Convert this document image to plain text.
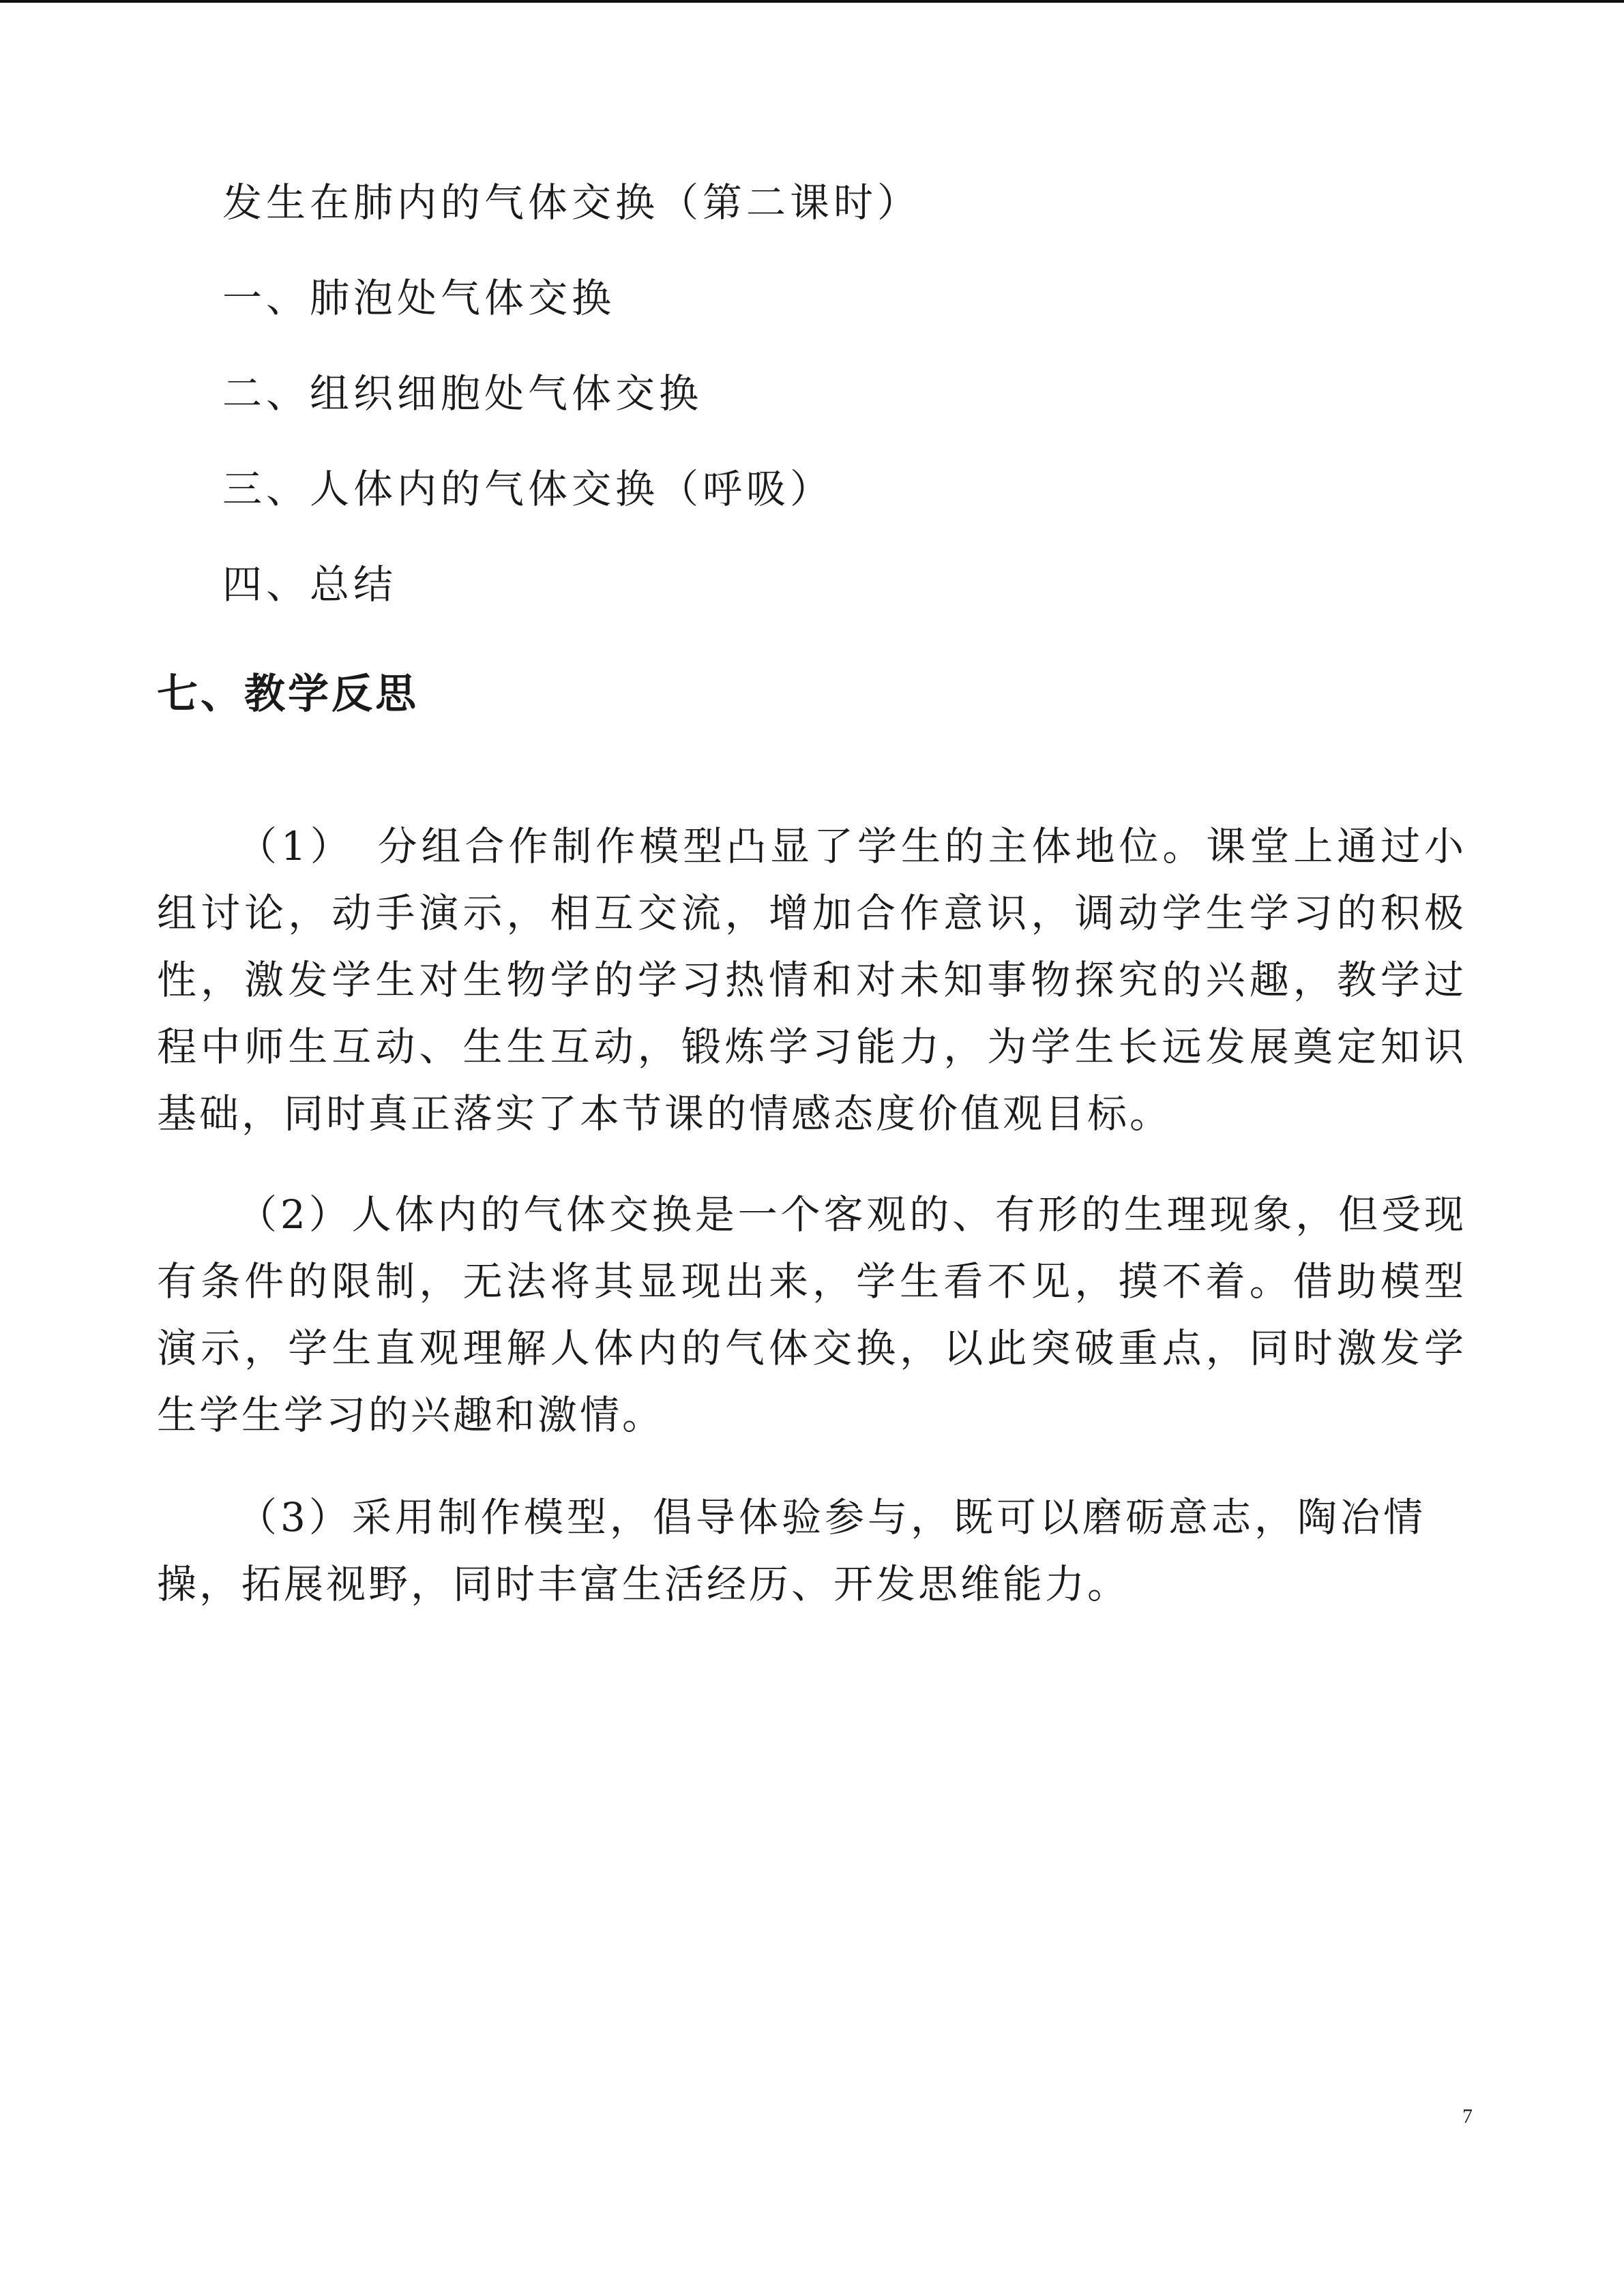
发生在肺内的气体交换（第二课时）
一、肺泡处气体交换
二、组织细胞处气体交换
三、人体内的气体交换（呼吸）
四、总结
七、教学反思

（1）　分组合作制作模型凸显了学生的主体地位。课堂上通过小组讨论，动手演示，相互交流，增加合作意识，调动学生学习的积极性，激发学生对生物学的学习热情和对未知事物探究的兴趣，教学过程中师生互动、生生互动，锻炼学习能力，为学生长远发展奠定知识基础，同时真正落实了本节课的情感态度价值观目标。

（2）人体内的气体交换是一个客观的、有形的生理现象，但受现有条件的限制，无法将其显现出来，学生看不见，摸不着。借助模型演示，学生直观理解人体内的气体交换，以此突破重点，同时激发学生学生学习的兴趣和激情。

（3）采用制作模型，倡导体验参与，既可以磨砺意志，陶冶情操，拓展视野，同时丰富生活经历、开发思维能力。

7
